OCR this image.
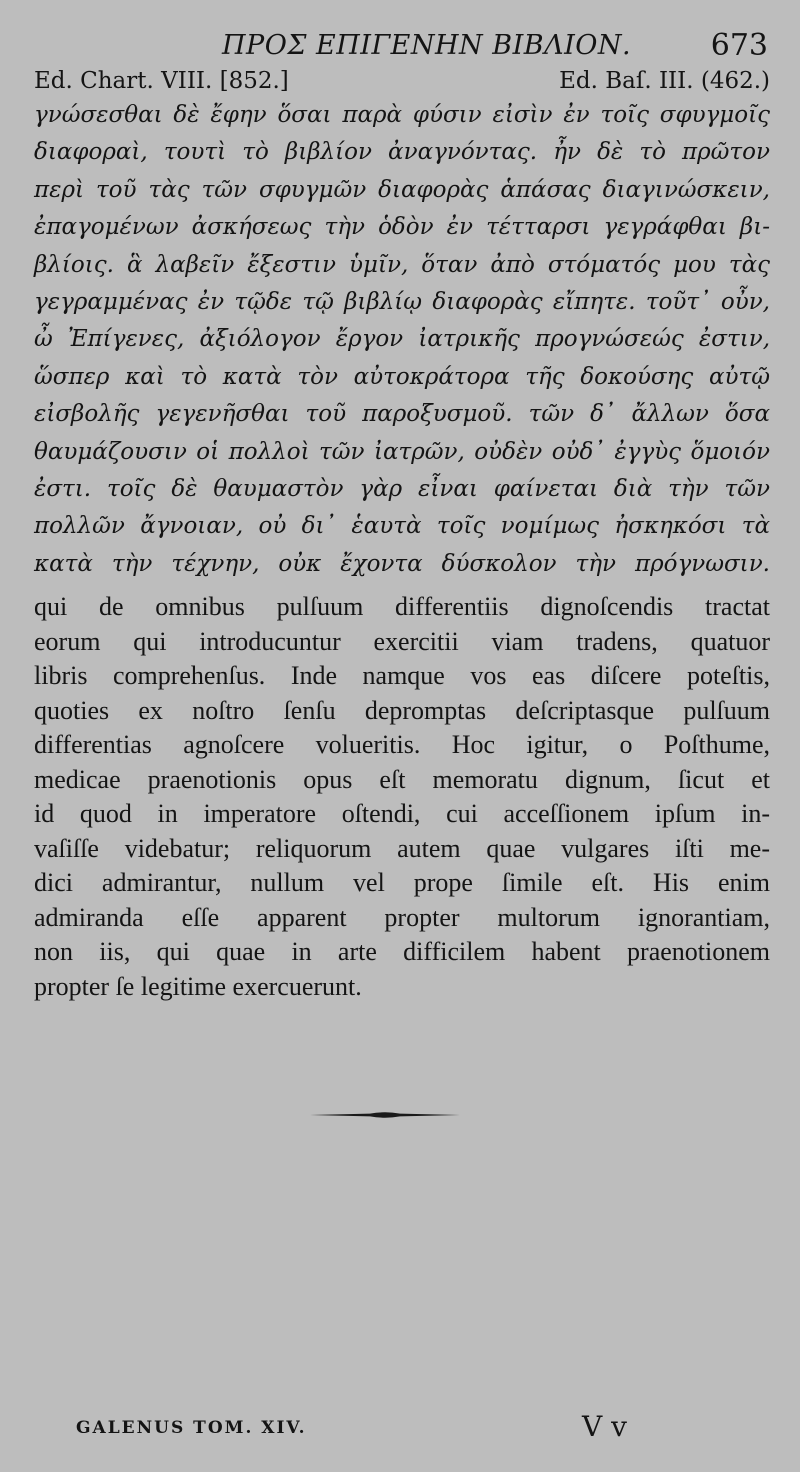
ΠΡΟΣ ΕΠΙΓΕΝΗΝ ΒΙΒΛΙΟΝ.	673
Ed. Chart. VIII. [852.]	Ed. Baſ. III. (462.)
γνώσεσθαι δὲ ἔφην ὅσαι παρὰ φύσιν εἰσὶν ἐν τοῖς σφυγμοῖς
διαφοραὶ, τουτὶ τὸ βιβλίον ἀναγνόντας. ἦν δὲ τὸ πρῶτον
περὶ τοῦ τὰς τῶν σφυγμῶν διαφορὰς ἁπάσας διαγινώσκειν,
ἐπαγομένων ἀσκήσεως τὴν ὁδὸν ἐν τέτταρσι γεγράφθαι βι-
βλίοις. ἃ λαβεῖν ἔξεστιν ὑμῖν, ὅταν ἀπὸ στόματός μου τὰς
γεγραμμένας ἐν τῷδε τῷ βιβλίῳ διαφορὰς εἴπητε. τοῦτ᾽ οὖν,
ὦ Ἐπίγενες, ἀξιόλογον ἔργον ἰατρικῆς προγνώσεώς ἐστιν,
ὥσπερ καὶ τὸ κατὰ τὸν αὐτοκράτορα τῆς δοκούσης αὐτῷ
εἰσβολῆς γεγενῆσθαι τοῦ παροξυσμοῦ. τῶν δ᾽ ἄλλων ὅσα
θαυμάζουσιν οἱ πολλοὶ τῶν ἰατρῶν, οὐδὲν οὐδ᾽ ἐγγὺς ὅμοιόν
ἐστι. τοῖς δὲ θαυμαστὸν γὰρ εἶναι φαίνεται διὰ τὴν τῶν
πολλῶν ἄγνοιαν, οὐ δι᾽ ἑαυτὰ τοῖς νομίμως ἠσκηκόσι τὰ
κατὰ τὴν τέχνην, οὐκ ἔχοντα δύσκολον τὴν πρόγνωσιν.
qui de omnibus pulſuum differentiis dignoſcendis tractat
eorum qui introducuntur exercitii viam tradens, quatuor
libris comprehenſus. Inde namque vos eas diſcere poteſtis,
quoties ex noſtro ſenſu depromptas deſcriptasque pulſuum
differentias agnoſcere volueritis. Hoc igitur, o Poſthume,
medicae praenotionis opus eſt memoratu dignum, ſicut et
id quod in imperatore oſtendi, cui acceſſionem ipſum in-
vaſiſſe videbatur; reliquorum autem quae vulgares iſti me-
dici admirantur, nullum vel prope ſimile eſt. His enim
admiranda eſſe apparent propter multorum ignorantiam,
non iis, qui quae in arte difficilem habent praenotionem
propter ſe legitime exercuerunt.
GALENUS TOM. XIV.	V v
